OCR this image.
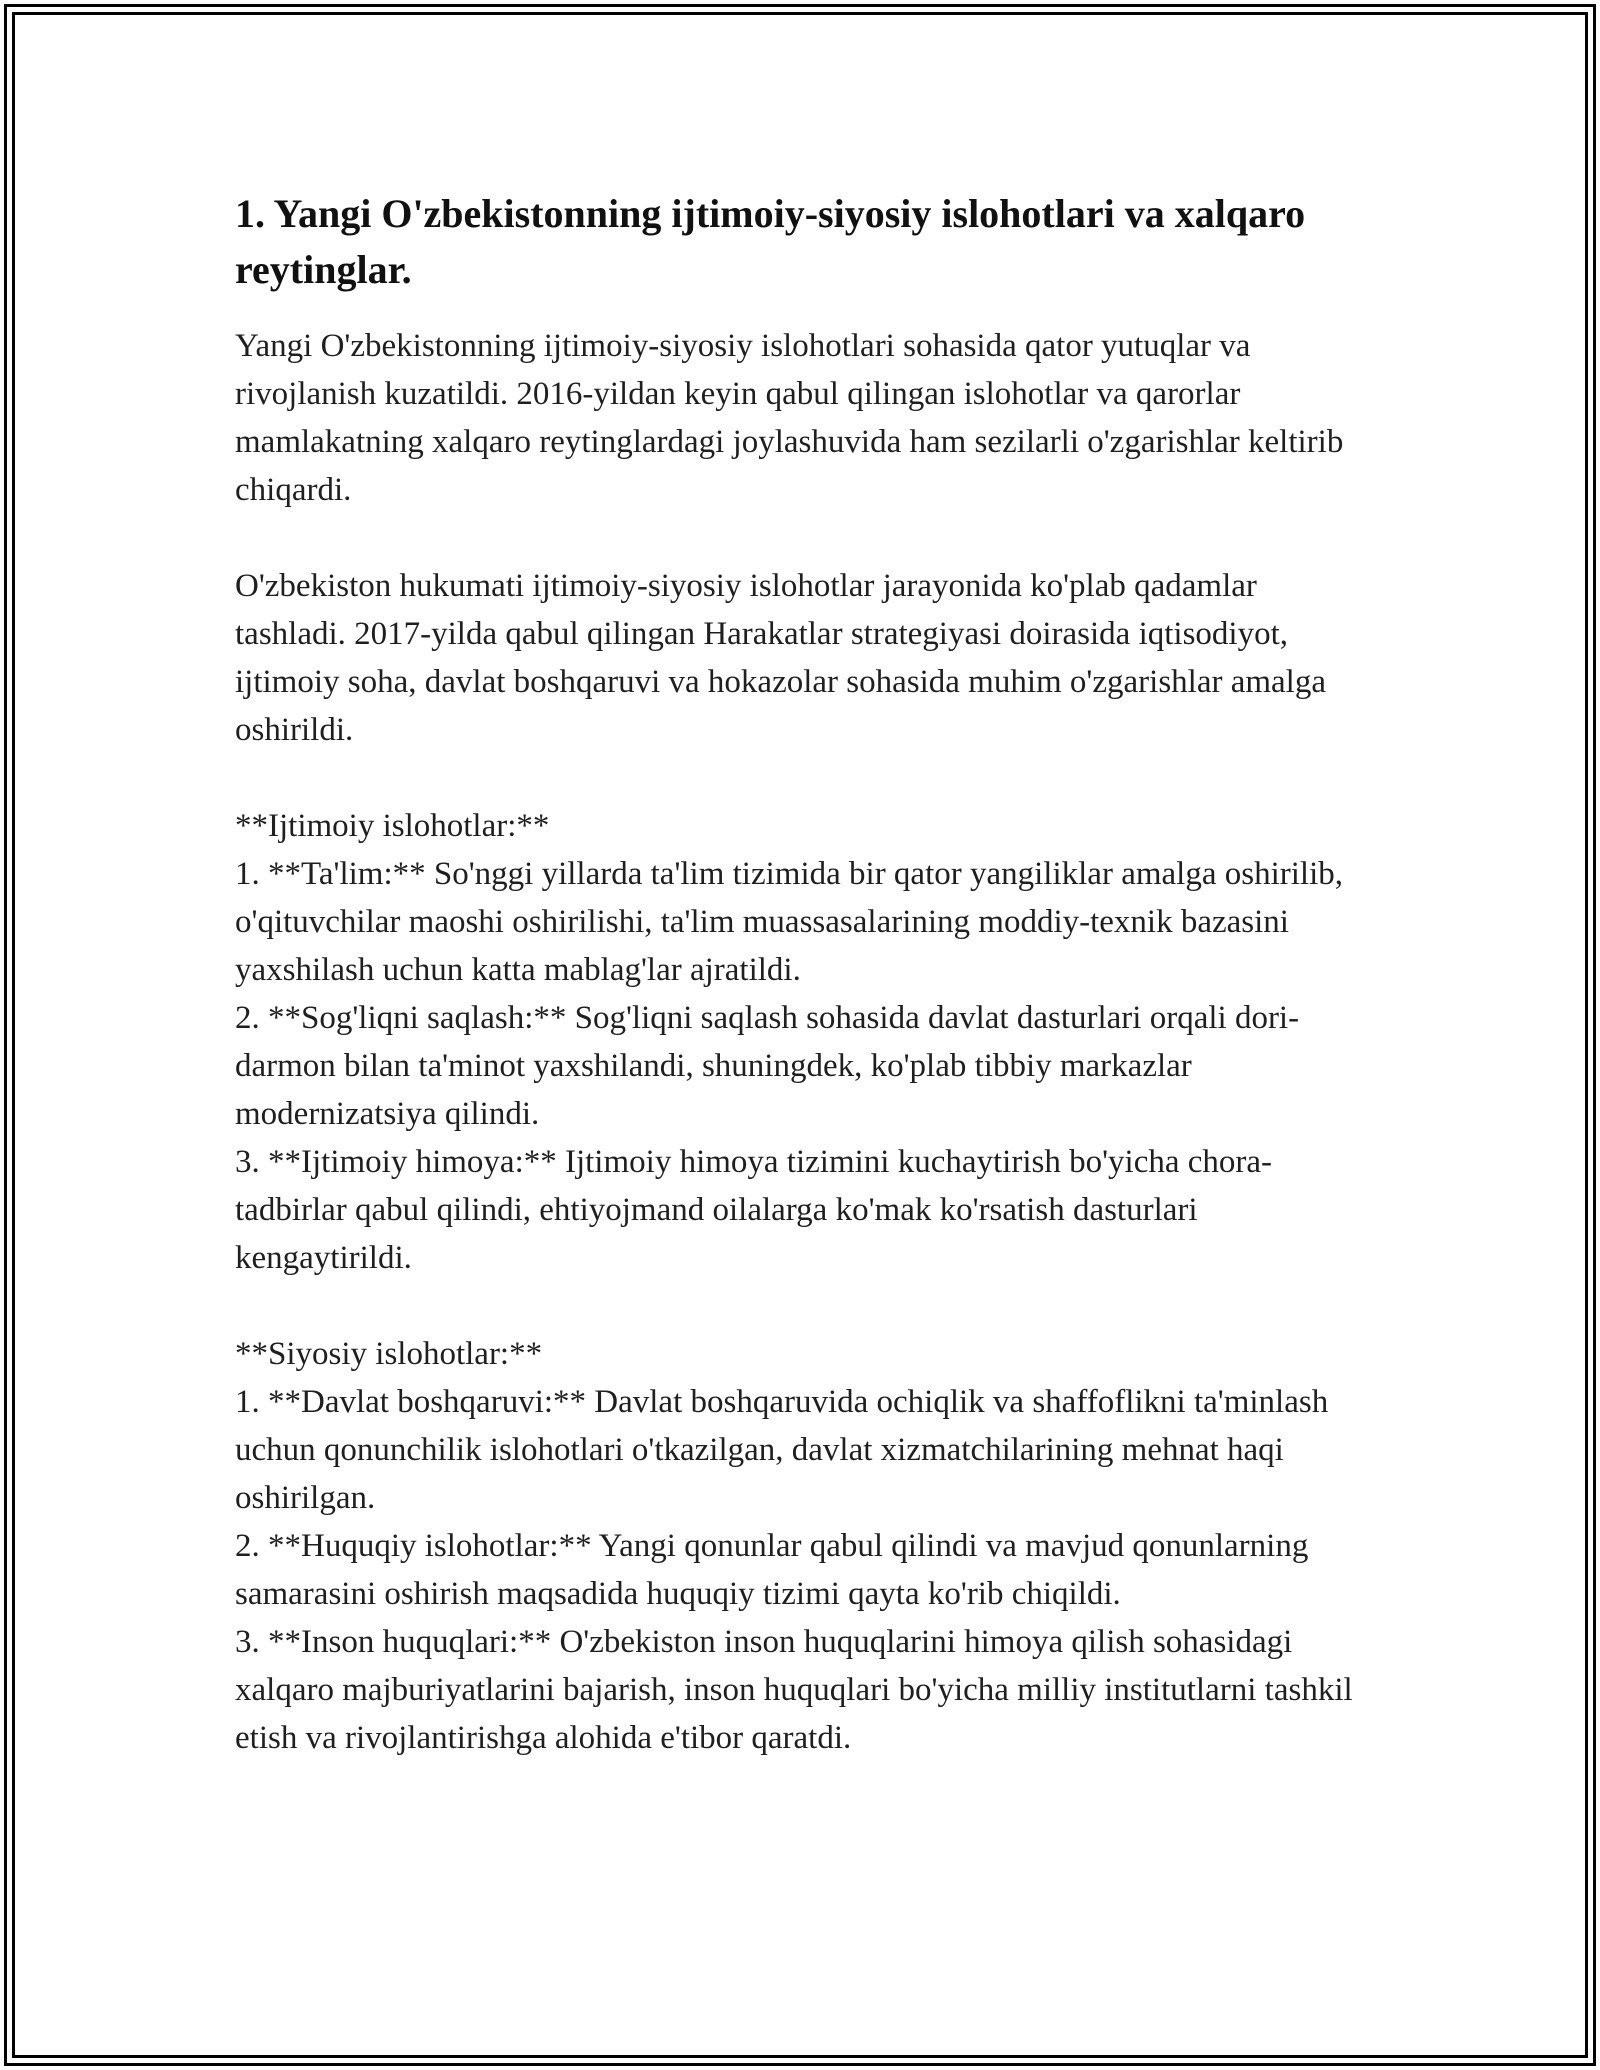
1. Yangi O'zbekistonning ijtimoiy-siyosiy islohotlari va xalqaro reytinglar.

Yangi O'zbekistonning ijtimoiy-siyosiy islohotlari sohasida qator yutuqlar va rivojlanish kuzatildi. 2016-yildan keyin qabul qilingan islohotlar va qarorlar mamlakatning xalqaro reytinglardagi joylashuvida ham sezilarli o'zgarishlar keltirib chiqardi.

O'zbekiston hukumati ijtimoiy-siyosiy islohotlar jarayonida ko'plab qadamlar tashladi. 2017-yilda qabul qilingan Harakatlar strategiyasi doirasida iqtisodiyot, ijtimoiy soha, davlat boshqaruvi va hokazolar sohasida muhim o'zgarishlar amalga oshirildi.

**Ijtimoiy islohotlar:**
1. **Ta'lim:** So'nggi yillarda ta'lim tizimida bir qator yangiliklar amalga oshirilib, o'qituvchilar maoshi oshirilishi, ta'lim muassasalarining moddiy-texnik bazasini yaxshilash uchun katta mablag'lar ajratildi.
2. **Sog'liqni saqlash:** Sog'liqni saqlash sohasida davlat dasturlari orqali dori-darmon bilan ta'minot yaxshilandi, shuningdek, ko'plab tibbiy markazlar modernizatsiya qilindi.
3. **Ijtimoiy himoya:** Ijtimoiy himoya tizimini kuchaytirish bo'yicha chora-tadbirlar qabul qilindi, ehtiyojmand oilalarga ko'mak ko'rsatish dasturlari kengaytirildi.
**Siyosiy islohotlar:**
1. **Davlat boshqaruvi:** Davlat boshqaruvida ochiqlik va shaffoflikni ta'minlash uchun qonunchilik islohotlari o'tkazilgan, davlat xizmatchilarining mehnat haqi oshirilgan.
2. **Huquqiy islohotlar:** Yangi qonunlar qabul qilindi va mavjud qonunlarning samarasini oshirish maqsadida huquqiy tizimi qayta ko'rib chiqildi.
3. **Inson huquqlari:** O'zbekiston inson huquqlarini himoya qilish sohasidagi xalqaro majburiyatlarini bajarish, inson huquqlari bo'yicha milliy institutlarni tashkil etish va rivojlantirishga alohida e'tibor qaratdi.
